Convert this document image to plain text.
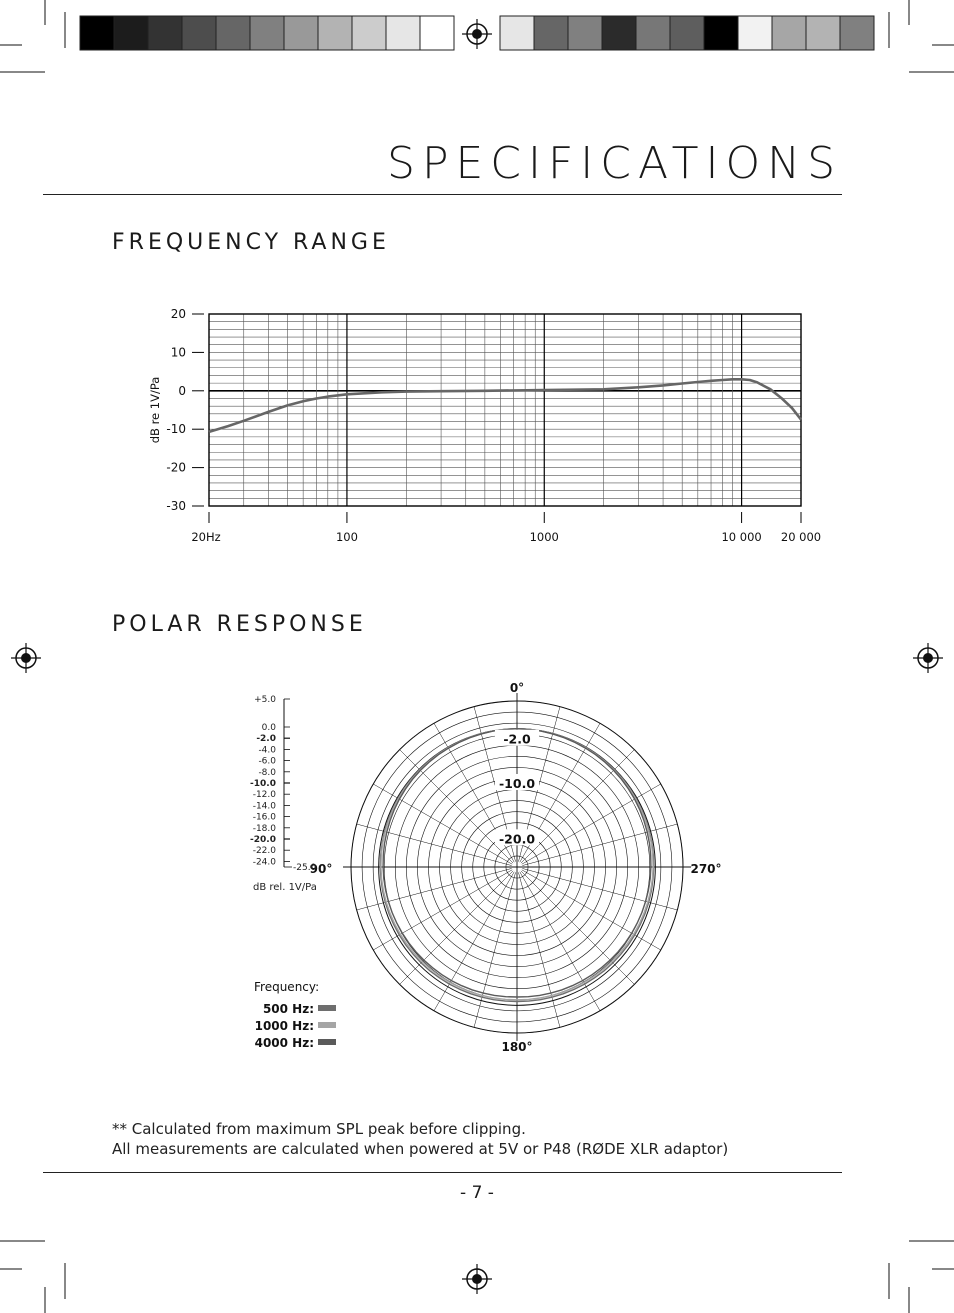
SPECIFICATIONS
FREQUENCY RANGE
20
10
0
-10
-20
-30
20Hz	100	1000	10 000 20 000
dB re 1V/Pa
POLAR RESPONSE
-2.0
-10.0
-20.0
0°
90°
180°
270°
+5.0
0.0
-2.0
-4.0
-6.0
-8.0
-10.0
-12.0
-14.0
-16.0
-18.0
-20.0
-22.0
-24.0
-25.0
dB rel. 1V/Pa
Frequency:
500 Hz:
1000 Hz:
4000 Hz:
** Calculated from maximum SPL peak before clipping.
All measurements are calculated when powered at 5V or P48 (RØDE XLR adaptor)
- 7 -
